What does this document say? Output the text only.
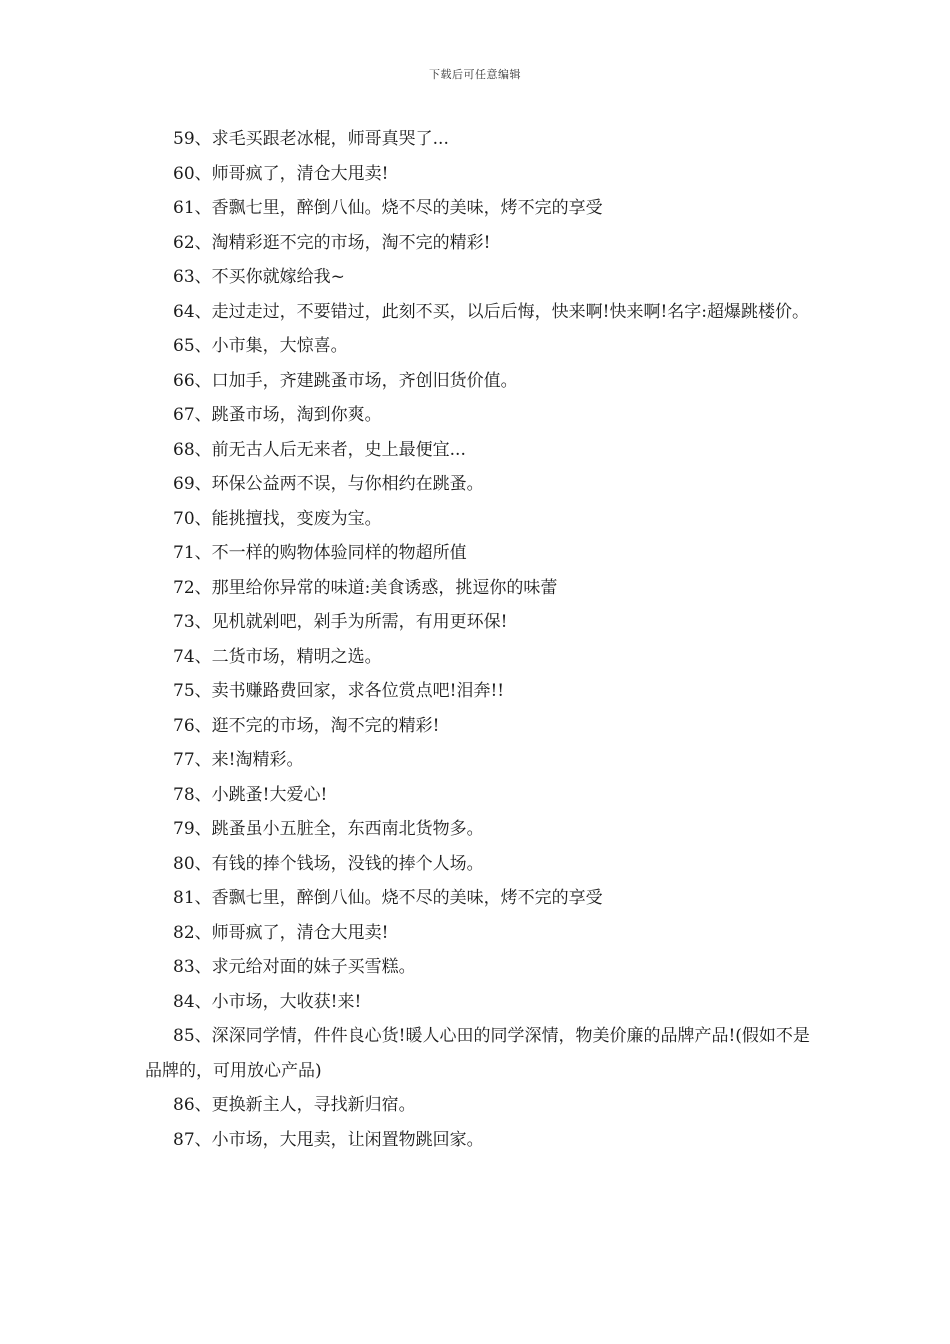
下载后可任意编辑

59、求毛买跟老冰棍，师哥真哭了...

60、师哥疯了，清仓大甩卖!

61、香飘七里，醉倒八仙。烧不尽的美味，烤不完的享受

62、淘精彩逛不完的市场，淘不完的精彩!

63、不买你就嫁给我~

64、走过走过，不要错过，此刻不买，以后后悔，快来啊!快来啊!名字:超爆跳楼价。

65、小市集，大惊喜。

66、口加手，齐建跳蚤市场，齐创旧货价值。

67、跳蚤市场，淘到你爽。

68、前无古人后无来者，史上最便宜...

69、环保公益两不误，与你相约在跳蚤。

70、能挑擅找，变废为宝。

71、不一样的购物体验同样的物超所值

72、那里给你异常的味道:美食诱惑，挑逗你的味蕾

73、见机就剁吧，剁手为所需，有用更环保!

74、二货市场，精明之选。

75、卖书赚路费回家，求各位赏点吧!泪奔!!

76、逛不完的市场，淘不完的精彩!

77、来!淘精彩。

78、小跳蚤!大爱心!

79、跳蚤虽小五脏全，东西南北货物多。

80、有钱的捧个钱场，没钱的捧个人场。

81、香飘七里，醉倒八仙。烧不尽的美味，烤不完的享受

82、师哥疯了，清仓大甩卖!

83、求元给对面的妹子买雪糕。

84、小市场，大收获!来!

85、深深同学情，件件良心货!暖人心田的同学深情，物美价廉的品牌产品!(假如不是品牌的，可用放心产品)

86、更换新主人，寻找新归宿。

87、小市场，大甩卖，让闲置物跳回家。
